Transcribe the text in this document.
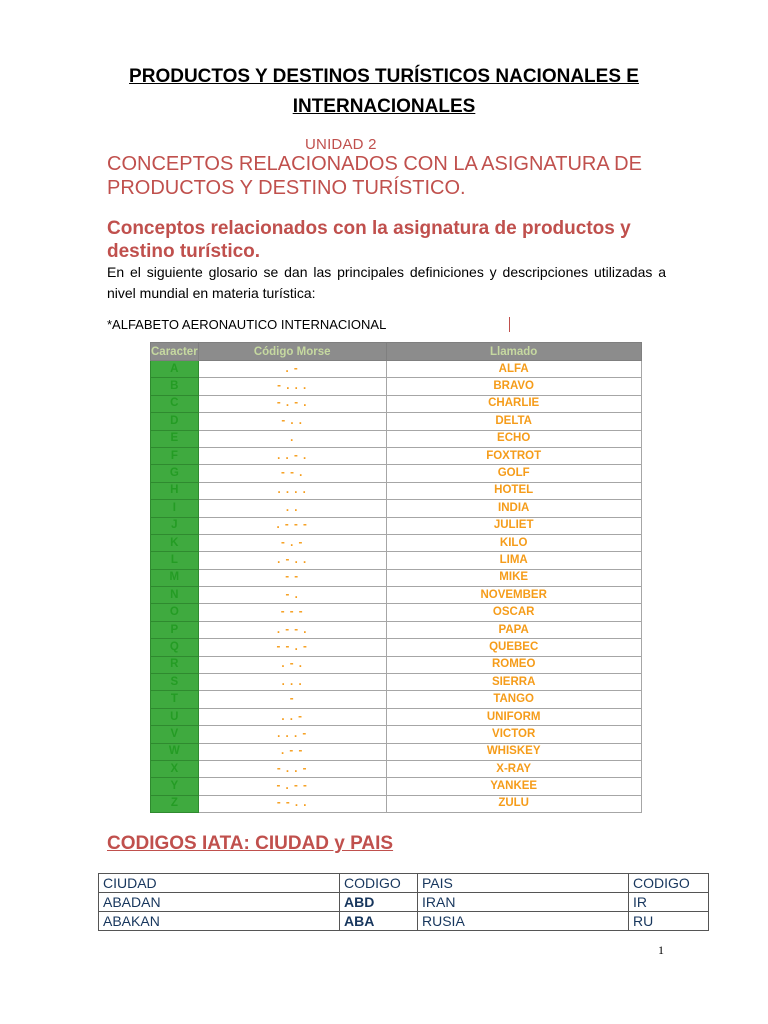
PRODUCTOS Y DESTINOS TURÍSTICOS NACIONALES E
INTERNACIONALES
UNIDAD 2
CONCEPTOS RELACIONADOS CON LA ASIGNATURA DE PRODUCTOS Y DESTINO TURÍSTICO.
Conceptos relacionados con la asignatura de productos y destino turístico.
En el siguiente glosario se dan las principales definiciones y descripciones utilizadas a nivel mundial en materia turística:
*ALFABETO AERONAUTICO INTERNACIONAL
Caracter	Código Morse	Llamado
A	. -	ALFA
B	- . . .	BRAVO
C	- . - .	CHARLIE
D	- . .	DELTA
E	.	ECHO
F	. . - .	FOXTROT
G	- - .	GOLF
H	. . . .	HOTEL
I	. .	INDIA
J	. - - -	JULIET
K	- . -	KILO
L	. - . .	LIMA
M	- -	MIKE
N	- .	NOVEMBER
O	- - -	OSCAR
P	. - - .	PAPA
Q	- - . -	QUEBEC
R	. - .	ROMEO
S	. . .	SIERRA
T	-	TANGO
U	. . -	UNIFORM
V	. . . -	VICTOR
W	. - -	WHISKEY
X	- . . -	X-RAY
Y	- . - -	YANKEE
Z	- - . .	ZULU
CODIGOS IATA: CIUDAD y PAIS
CIUDAD	CODIGO	PAIS	CODIGO
ABADAN	ABD	IRAN	IR
ABAKAN	ABA	RUSIA	RU
1
